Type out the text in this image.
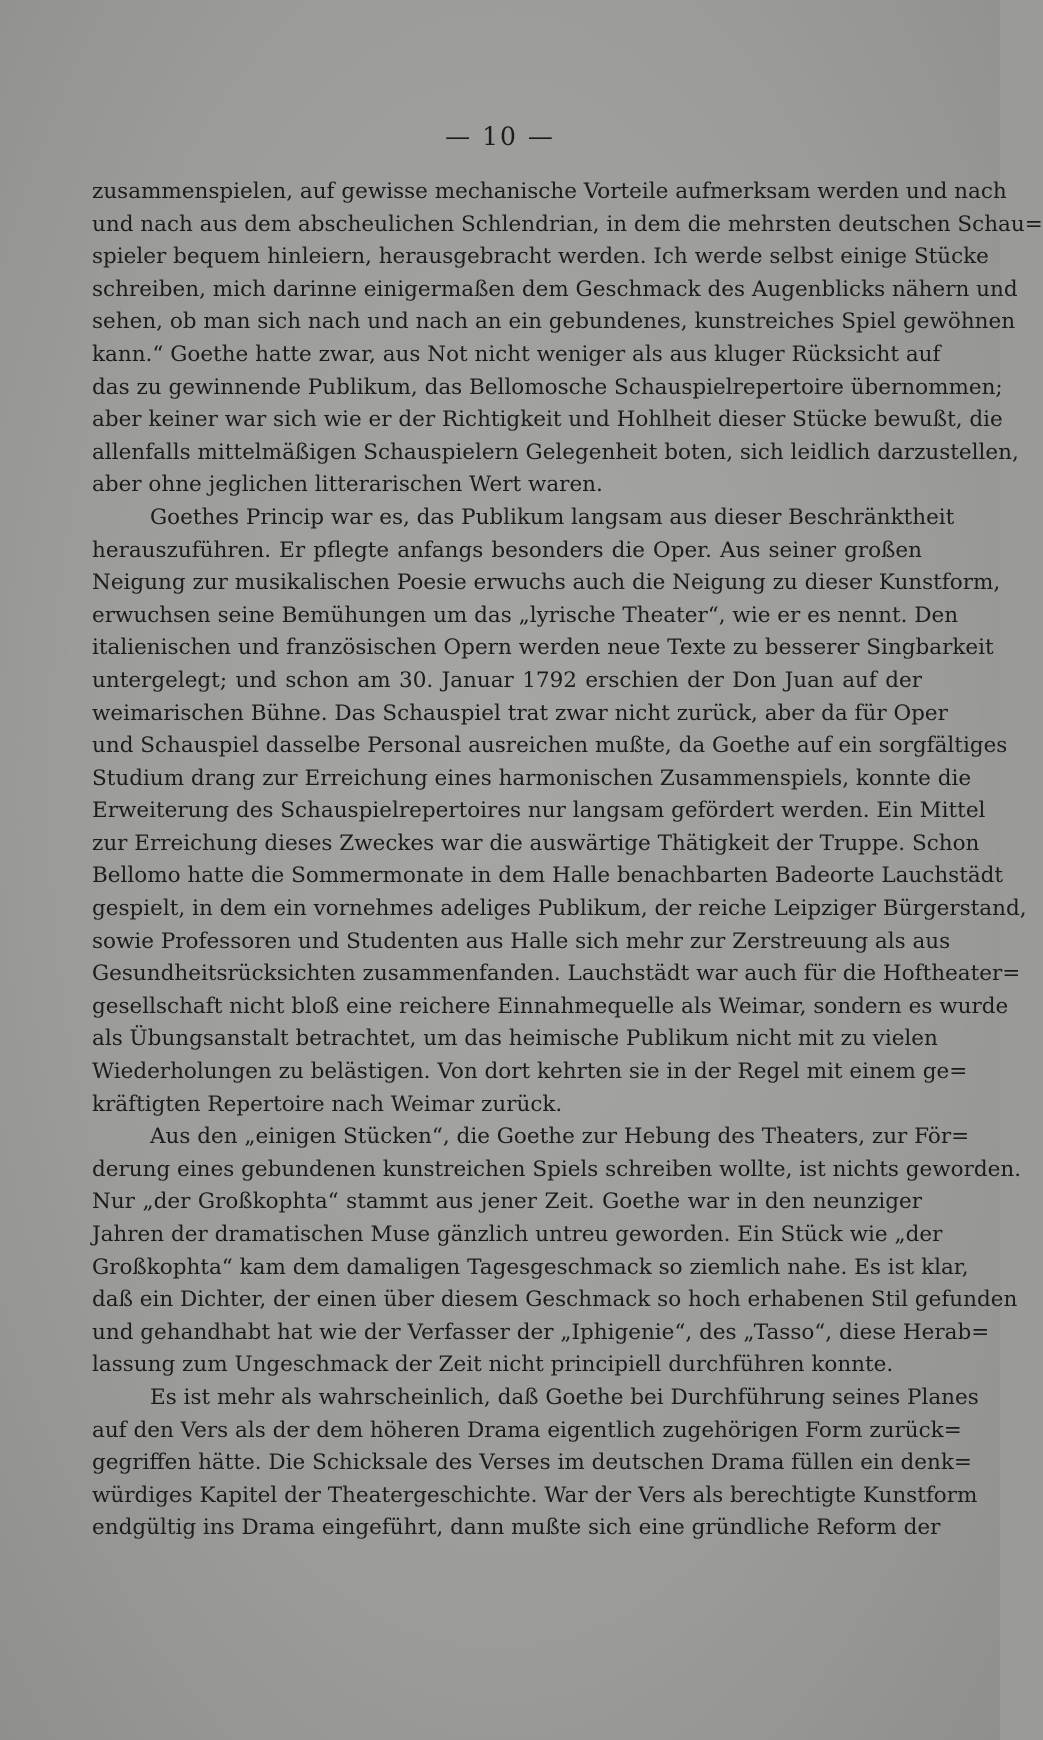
— 10 —
zusammenspielen, auf gewisse mechanische Vorteile aufmerksam werden und nach
und nach aus dem abscheulichen Schlendrian, in dem die mehrsten deutschen Schau=
spieler bequem hinleiern, herausgebracht werden. Ich werde selbst einige Stücke
schreiben, mich darinne einigermaßen dem Geschmack des Augenblicks nähern und
sehen, ob man sich nach und nach an ein gebundenes, kunstreiches Spiel gewöhnen
kann.“ Goethe hatte zwar, aus Not nicht weniger als aus kluger Rücksicht auf
das zu gewinnende Publikum, das Bellomosche Schauspielrepertoire übernommen;
aber keiner war sich wie er der Richtigkeit und Hohlheit dieser Stücke bewußt, die
allenfalls mittelmäßigen Schauspielern Gelegenheit boten, sich leidlich darzustellen,
aber ohne jeglichen litterarischen Wert waren.
Goethes Princip war es, das Publikum langsam aus dieser Beschränktheit
herauszuführen. Er pflegte anfangs besonders die Oper. Aus seiner großen
Neigung zur musikalischen Poesie erwuchs auch die Neigung zu dieser Kunstform,
erwuchsen seine Bemühungen um das „lyrische Theater“, wie er es nennt. Den
italienischen und französischen Opern werden neue Texte zu besserer Singbarkeit
untergelegt; und schon am 30. Januar 1792 erschien der Don Juan auf der
weimarischen Bühne. Das Schauspiel trat zwar nicht zurück, aber da für Oper
und Schauspiel dasselbe Personal ausreichen mußte, da Goethe auf ein sorgfältiges
Studium drang zur Erreichung eines harmonischen Zusammenspiels, konnte die
Erweiterung des Schauspielrepertoires nur langsam gefördert werden. Ein Mittel
zur Erreichung dieses Zweckes war die auswärtige Thätigkeit der Truppe. Schon
Bellomo hatte die Sommermonate in dem Halle benachbarten Badeorte Lauchstädt
gespielt, in dem ein vornehmes adeliges Publikum, der reiche Leipziger Bürgerstand,
sowie Professoren und Studenten aus Halle sich mehr zur Zerstreuung als aus
Gesundheitsrücksichten zusammenfanden. Lauchstädt war auch für die Hoftheater=
gesellschaft nicht bloß eine reichere Einnahmequelle als Weimar, sondern es wurde
als Übungsanstalt betrachtet, um das heimische Publikum nicht mit zu vielen
Wiederholungen zu belästigen. Von dort kehrten sie in der Regel mit einem ge=
kräftigten Repertoire nach Weimar zurück.
Aus den „einigen Stücken“, die Goethe zur Hebung des Theaters, zur För=
derung eines gebundenen kunstreichen Spiels schreiben wollte, ist nichts geworden.
Nur „der Großkophta“ stammt aus jener Zeit. Goethe war in den neunziger
Jahren der dramatischen Muse gänzlich untreu geworden. Ein Stück wie „der
Großkophta“ kam dem damaligen Tagesgeschmack so ziemlich nahe. Es ist klar,
daß ein Dichter, der einen über diesem Geschmack so hoch erhabenen Stil gefunden
und gehandhabt hat wie der Verfasser der „Iphigenie“, des „Tasso“, diese Herab=
lassung zum Ungeschmack der Zeit nicht principiell durchführen konnte.
Es ist mehr als wahrscheinlich, daß Goethe bei Durchführung seines Planes
auf den Vers als der dem höheren Drama eigentlich zugehörigen Form zurück=
gegriffen hätte. Die Schicksale des Verses im deutschen Drama füllen ein denk=
würdiges Kapitel der Theatergeschichte. War der Vers als berechtigte Kunstform
endgültig ins Drama eingeführt, dann mußte sich eine gründliche Reform der
